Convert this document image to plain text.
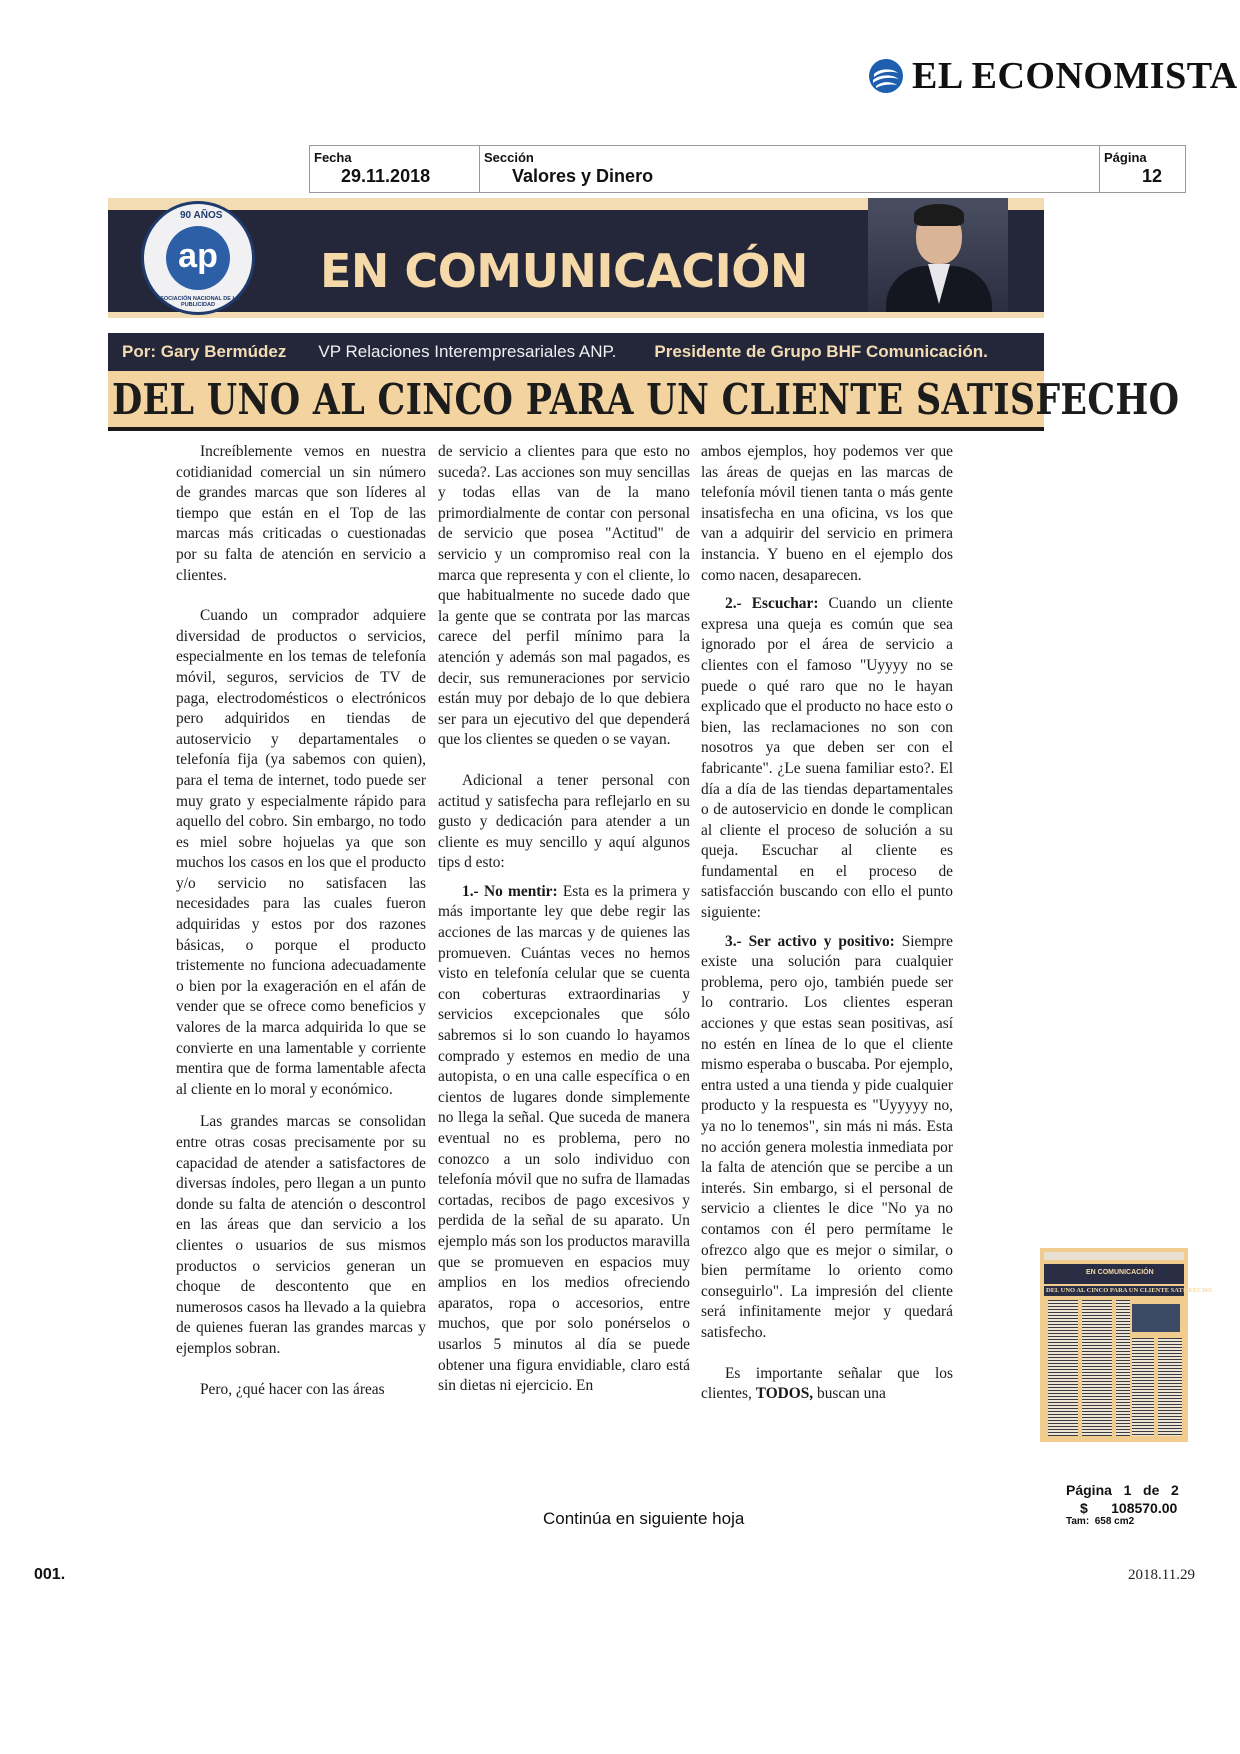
EL ECONOMISTA
Fecha
29.11.2018
Sección
Valores y Dinero
Página
12
90 AÑOS
ap
ASOCIACIÓN NACIONAL DE LA PUBLICIDAD
EN COMUNICACIÓN
Por: Gary Bermúdez VP Relaciones Interempresariales ANP. Presidente de Grupo BHF Comunicación.
DEL UNO AL CINCO PARA UN CLIENTE SATISFECHO

Increíblemente vemos en nuestra cotidianidad comercial un sin número de grandes marcas que son líderes al tiempo que están en el Top de las marcas más criticadas o cuestionadas por su falta de atención en servicio a clientes.

Cuando un comprador adquiere diversidad de productos o servicios, especialmente en los temas de telefonía móvil, seguros, servicios de TV de paga, electrodomésticos o electrónicos pero adquiridos en tiendas de autoservicio y departamentales o telefonía fija (ya sabemos con quien), para el tema de internet, todo puede ser muy grato y especialmente rápido para aquello del cobro. Sin embargo, no todo es miel sobre hojuelas ya que son muchos los casos en los que el producto y/o servicio no satisfacen las necesidades para las cuales fueron adquiridas y estos por dos razones básicas, o porque el producto tristemente no funciona adecuadamente o bien por la exageración en el afán de vender que se ofrece como beneficios y valores de la marca adquirida lo que se convierte en una lamentable y corriente mentira que de forma lamentable afecta al cliente en lo moral y económico.

Las grandes marcas se consolidan entre otras cosas precisamente por su capacidad de atender a satisfactores de diversas índoles, pero llegan a un punto donde su falta de atención o descontrol en las áreas que dan servicio a los clientes o usuarios de sus mismos productos o servicios generan un choque de descontento que en numerosos casos ha llevado a la quiebra de quienes fueran las grandes marcas y ejemplos sobran.

Pero, ¿qué hacer con las áreas

de servicio a clientes para que esto no suceda?. Las acciones son muy sencillas y todas ellas van de la mano primordialmente de contar con personal de servicio que posea "Actitud" de servicio y un compromiso real con la marca que representa y con el cliente, lo que habitualmente no sucede dado que la gente que se contrata por las marcas carece del perfil mínimo para la atención y además son mal pagados, es decir, sus remuneraciones por servicio están muy por debajo de lo que debiera ser para un ejecutivo del que dependerá que los clientes se queden o se vayan.

Adicional a tener personal con actitud y satisfecha para reflejarlo en su gusto y dedicación para atender a un cliente es muy sencillo y aquí algunos tips d esto:

1.- No mentir: Esta es la primera y más importante ley que debe regir las acciones de las marcas y de quienes las promueven. Cuántas veces no hemos visto en telefonía celular que se cuenta con coberturas extraordinarias y servicios excepcionales que sólo sabremos si lo son cuando lo hayamos comprado y estemos en medio de una autopista, o en una calle específica o en cientos de lugares donde simplemente no llega la señal. Que suceda de manera eventual no es problema, pero no conozco a un solo individuo con telefonía móvil que no sufra de llamadas cortadas, recibos de pago excesivos y perdida de la señal de su aparato. Un ejemplo más son los productos maravilla que se promueven en espacios muy amplios en los medios ofreciendo aparatos, ropa o accesorios, entre muchos, que por solo ponérselos o usarlos 5 minutos al día se puede obtener una figura envidiable, claro está sin dietas ni ejercicio. En

ambos ejemplos, hoy podemos ver que las áreas de quejas en las marcas de telefonía móvil tienen tanta o más gente insatisfecha en una oficina, vs los que van a adquirir del servicio en primera instancia. Y bueno en el ejemplo dos como nacen, desaparecen.

2.- Escuchar: Cuando un cliente expresa una queja es común que sea ignorado por el área de servicio a clientes con el famoso "Uyyyy no se puede o qué raro que no le hayan explicado que el producto no hace esto o bien, las reclamaciones no son con nosotros ya que deben ser con el fabricante". ¿Le suena familiar esto?. El día a día de las tiendas departamentales o de autoservicio en donde le complican al cliente el proceso de solución a su queja. Escuchar al cliente es fundamental en el proceso de satisfacción buscando con ello el punto siguiente:

3.- Ser activo y positivo: Siempre existe una solución para cualquier problema, pero ojo, también puede ser lo contrario. Los clientes esperan acciones y que estas sean positivas, así no estén en línea de lo que el cliente mismo esperaba o buscaba. Por ejemplo, entra usted a una tienda y pide cualquier producto y la respuesta es "Uyyyyy no, ya no lo tenemos", sin más ni más. Esta no acción genera molestia inmediata por la falta de atención que se percibe a un interés. Sin embargo, si el personal de servicio a clientes le dice "No ya no contamos con él pero permítame le ofrezco algo que es mejor o similar, o bien permítame lo oriento como conseguirlo". La impresión del cliente será infinitamente mejor y quedará satisfecho.

Es importante señalar que los clientes, TODOS, buscan una

Continúa en siguiente hoja
EN COMUNICACIÓN
DEL UNO AL CINCO PARA UN CLIENTE SATISFECHO
Página   1   de   2
$      108570.00
Tam:  658 cm2
001.	2018.11.29
